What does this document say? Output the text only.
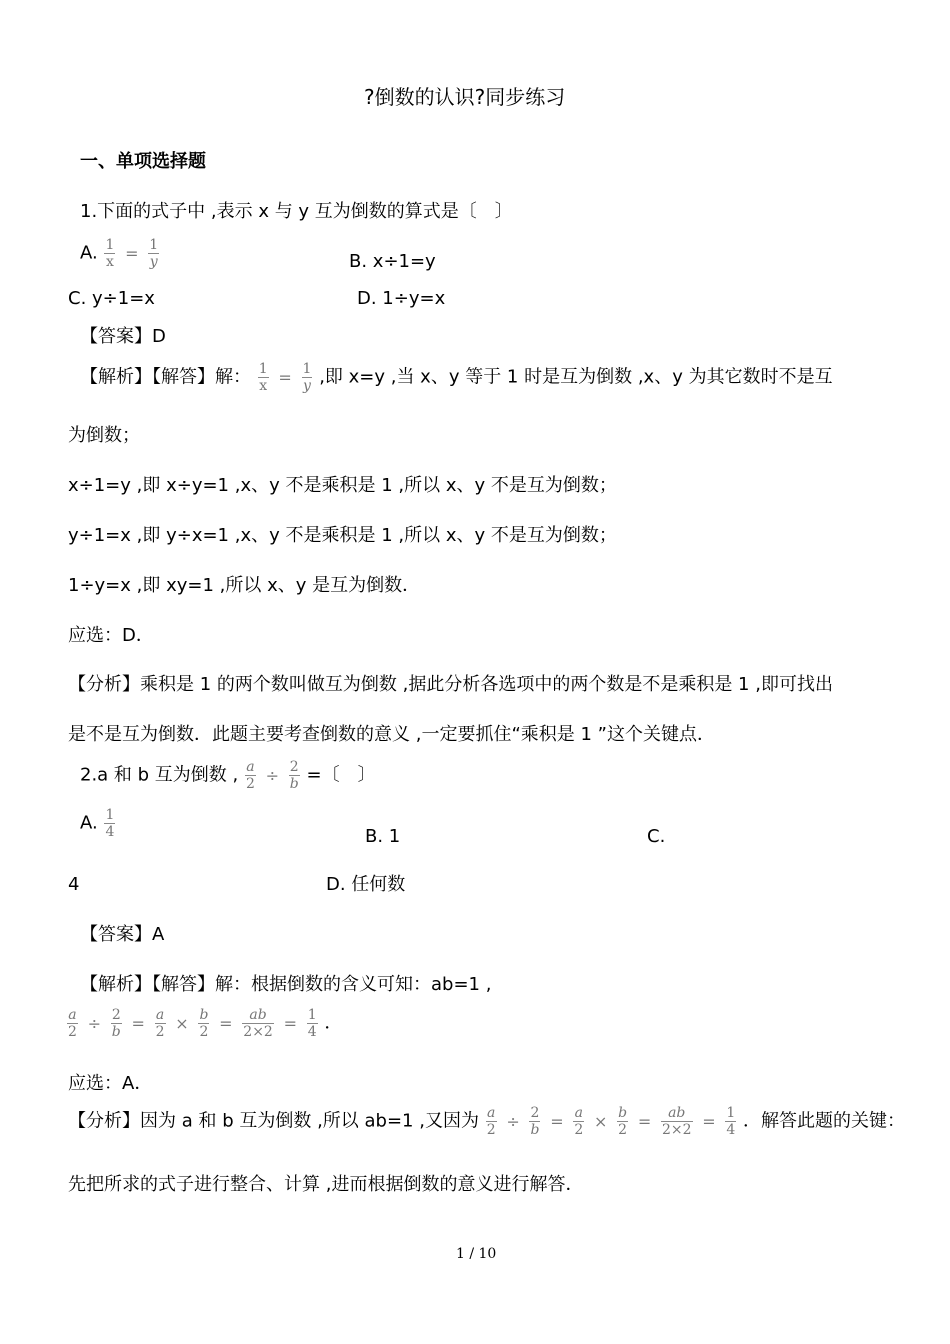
?倒数的认识?同步练习
一、单项选择题
1.下面的式子中 ,表示 x 与 y 互为倒数的算式是〔　〕
A. $\frac{1}{x} = \frac{1}{y}$	B. x÷1=y
C. y÷1=x	D. 1÷y=x
【答案】D
【解析】【解答】解： $\frac{1}{x} = \frac{1}{y}$ ,即 x=y ,当 x、y 等于 1 时是互为倒数 ,x、y 为其它数时不是互
为倒数；
x÷1=y ,即 x÷y=1 ,x、y 不是乘积是 1 ,所以 x、y 不是互为倒数；
y÷1=x ,即 y÷x=1 ,x、y 不是乘积是 1 ,所以 x、y 不是互为倒数；
1÷y=x ,即 xy=1 ,所以 x、y 是互为倒数．
应选：D．
【分析】乘积是 1 的两个数叫做互为倒数 ,据此分析各选项中的两个数是不是乘积是 1 ,即可找出
是不是互为倒数．此题主要考查倒数的意义 ,一定要抓住“乘积是 1 ”这个关键点．
2.a 和 b 互为倒数 , $\frac{a}{2} \div \frac{2}{b}$ =〔　〕
A. $\frac{1}{4}$	B. 1	C.
4	D. 任何数
【答案】A
【解析】【解答】解：根据倒数的含义可知：ab=1 ,
$\frac{a}{2} \div \frac{2}{b} = \frac{a}{2} \times \frac{b}{2} = \frac{ab}{2\times 2} = \frac{1}{4}$ ．
应选：A．
【分析】因为 a 和 b 互为倒数 ,所以 ab=1 ,又因为 $\frac{a}{2} \div \frac{2}{b} = \frac{a}{2} \times \frac{b}{2} = \frac{ab}{2\times 2} = \frac{1}{4}$ ．解答此题的关键：
先把所求的式子进行整合、计算 ,进而根据倒数的意义进行解答．
1 / 10
